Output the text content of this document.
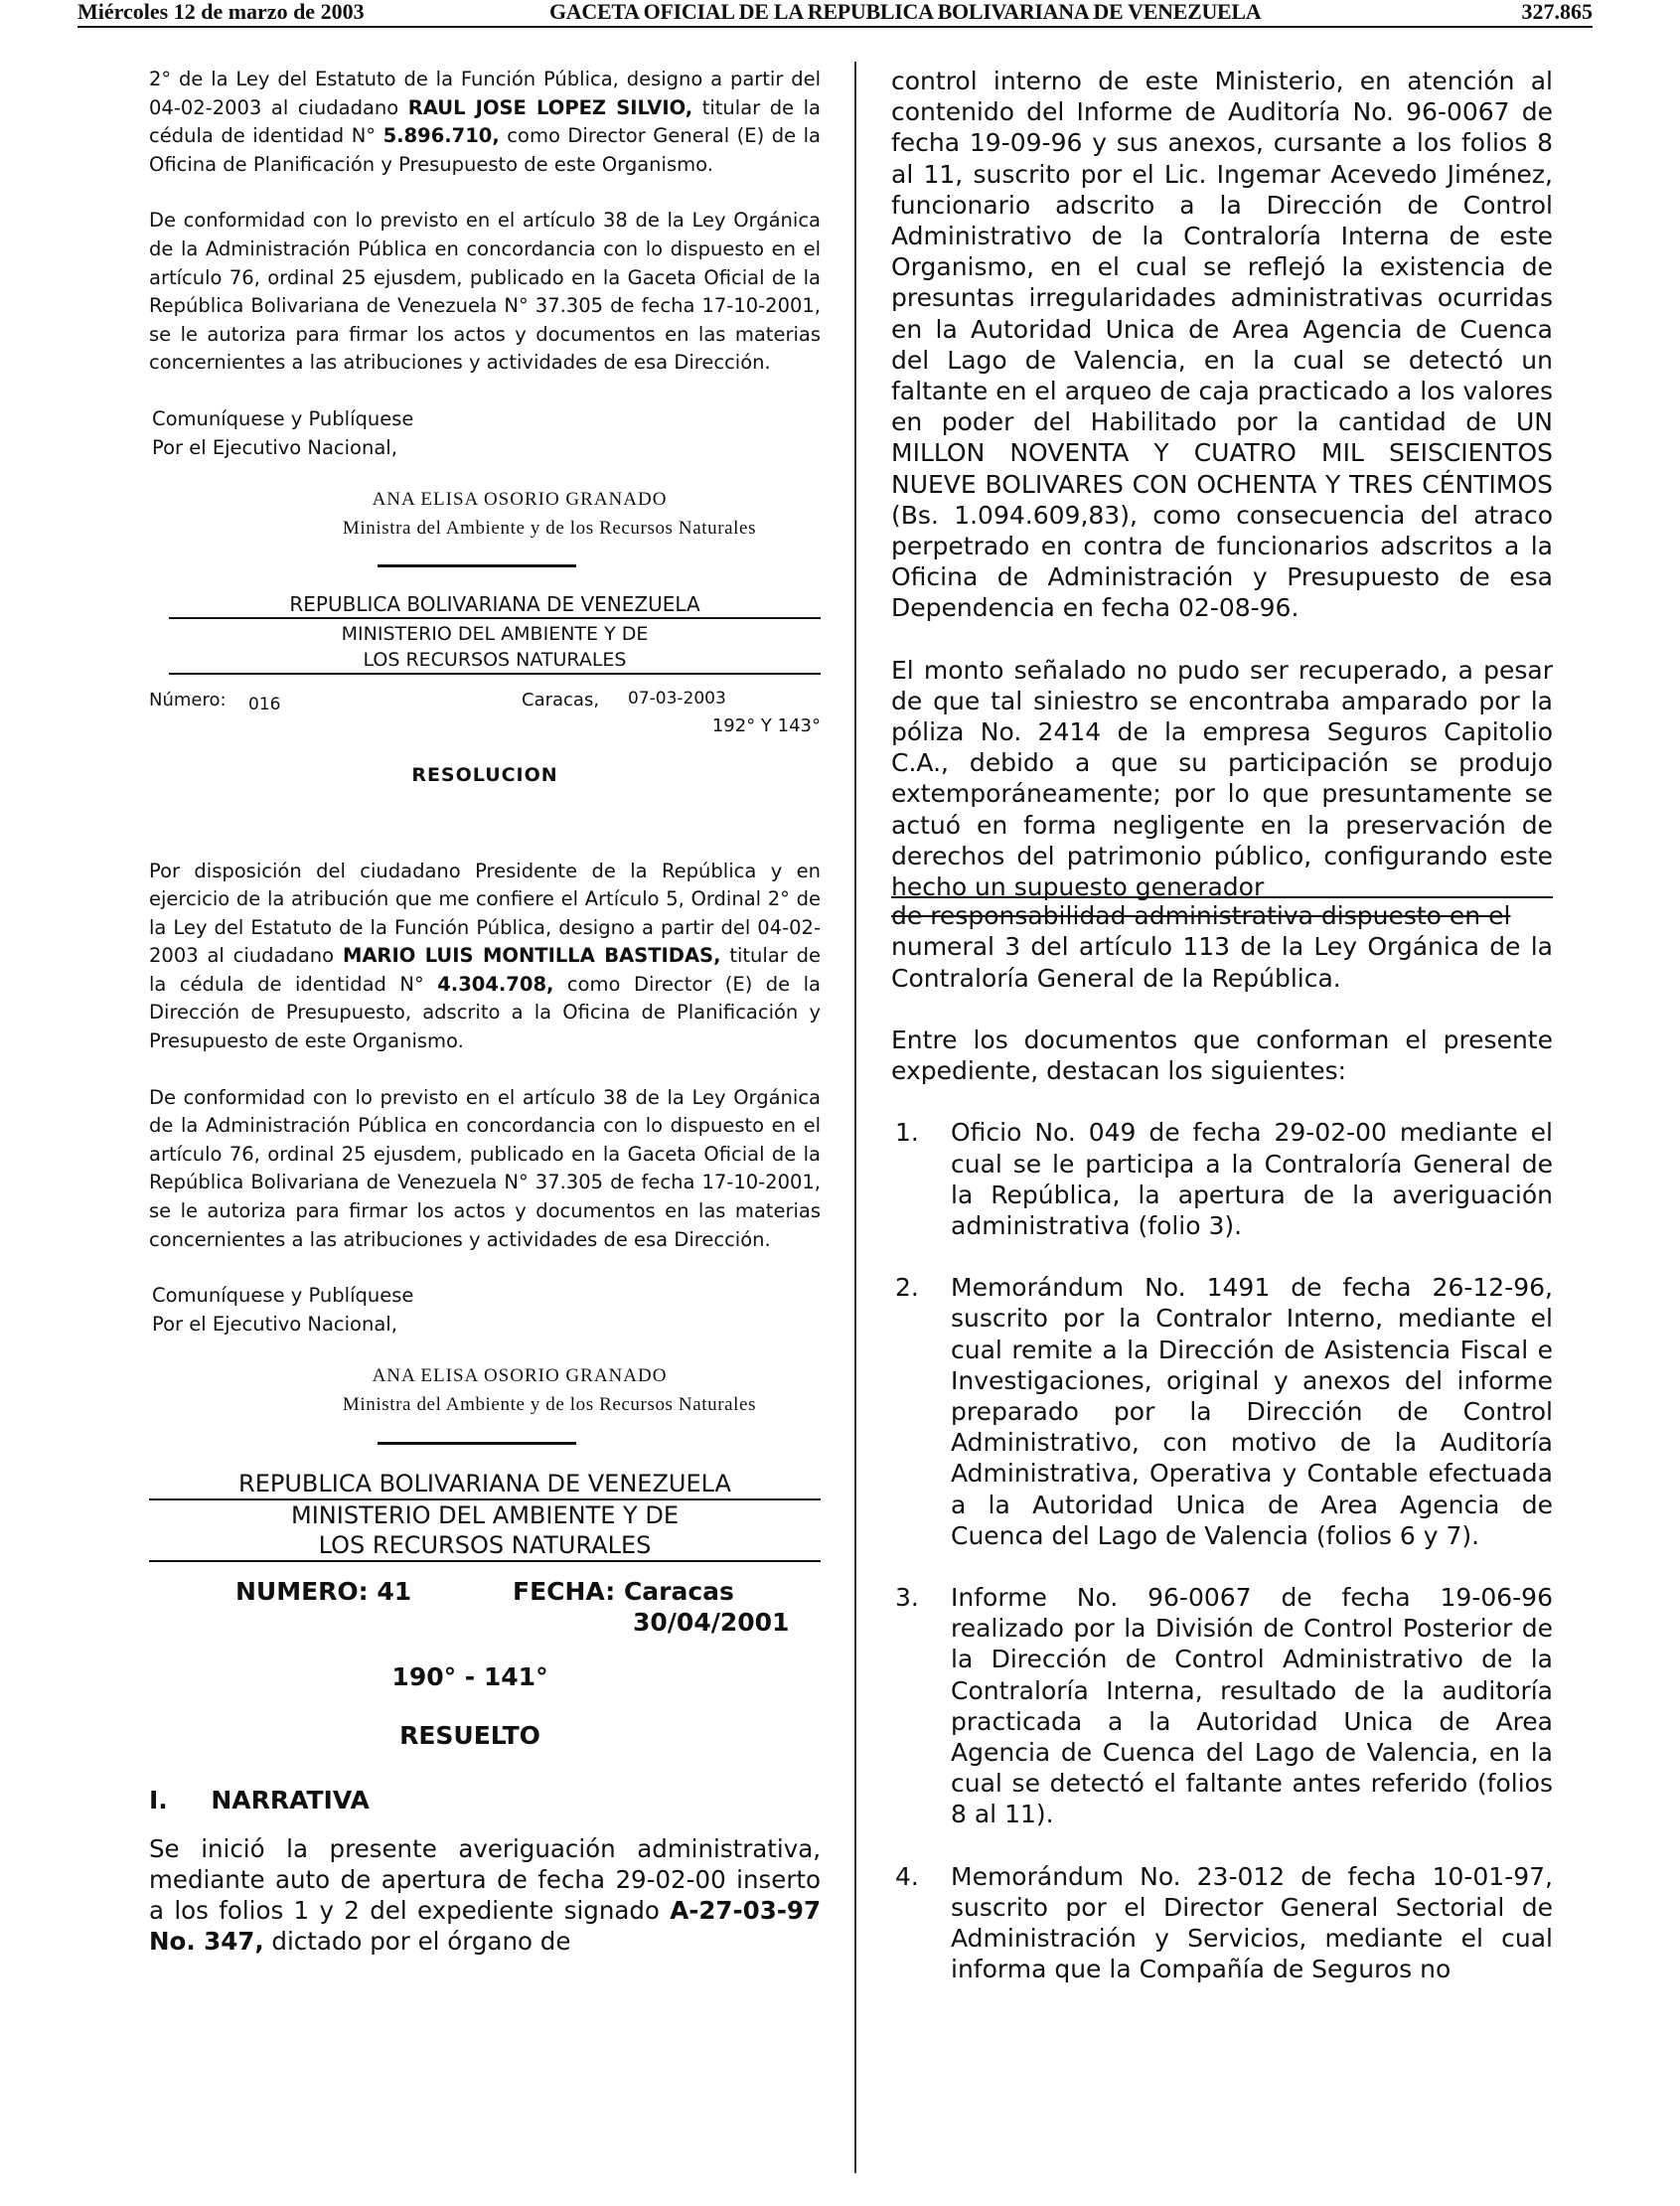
Miércoles 12 de marzo de 2003	GACETA OFICIAL DE LA REPUBLICA BOLIVARIANA DE VENEZUELA	327.865

2° de la Ley del Estatuto de la Función Pública, designo a partir del 04-02-2003 al ciudadano RAUL JOSE LOPEZ SILVIO, titular de la cédula de identidad N° 5.896.710, como Director General (E) de la Oficina de Planificación y Presupuesto de este Organismo.

De conformidad con lo previsto en el artículo 38 de la Ley Orgánica de la Administración Pública en concordancia con lo dispuesto en el artículo 76, ordinal 25 ejusdem, publicado en la Gaceta Oficial de la República Bolivariana de Venezuela N° 37.305 de fecha 17-10-2001, se le autoriza para firmar los actos y documentos en las materias concernientes a las atribuciones y actividades de esa Dirección.

Comuníquese y Publíquese

Por el Ejecutivo Nacional,

ANA ELISA OSORIO GRANADO
Ministra del Ambiente y de los Recursos Naturales
REPUBLICA BOLIVARIANA DE VENEZUELA
MINISTERIO DEL AMBIENTE Y DE
LOS RECURSOS NATURALES
Número: 016	Caracas, 07-03-2003
192° Y 143°
RESOLUCION

Por disposición del ciudadano Presidente de la República y en ejercicio de la atribución que me confiere el Artículo 5, Ordinal 2° de la Ley del Estatuto de la Función Pública, designo a partir del 04-02-2003 al ciudadano MARIO LUIS MONTILLA BASTIDAS, titular de la cédula de identidad N° 4.304.708, como Director (E) de la Dirección de Presupuesto, adscrito a la Oficina de Planificación y Presupuesto de este Organismo.

De conformidad con lo previsto en el artículo 38 de la Ley Orgánica de la Administración Pública en concordancia con lo dispuesto en el artículo 76, ordinal 25 ejusdem, publicado en la Gaceta Oficial de la República Bolivariana de Venezuela N° 37.305 de fecha 17-10-2001, se le autoriza para firmar los actos y documentos en las materias concernientes a las atribuciones y actividades de esa Dirección.

Comuníquese y Publíquese

Por el Ejecutivo Nacional,

ANA ELISA OSORIO GRANADO
Ministra del Ambiente y de los Recursos Naturales
REPUBLICA BOLIVARIANA DE VENEZUELA
MINISTERIO DEL AMBIENTE Y DE
LOS RECURSOS NATURALES
NUMERO: 41	FECHA: Caracas
30/04/2001
190° - 141°
RESUELTO
I.     NARRATIVA

Se inició la presente averiguación administrativa, mediante auto de apertura de fecha 29-02-00 inserto a los folios 1 y 2 del expediente signado A-27-03-97 No. 347, dictado por el órgano de

control interno de este Ministerio, en atención al contenido del Informe de Auditoría No. 96-0067 de fecha 19-09-96 y sus anexos, cursante a los folios 8 al 11, suscrito por el Lic. Ingemar Acevedo Jiménez, funcionario adscrito a la Dirección de Control Administrativo de la Contraloría Interna de este Organismo, en el cual se reflejó la existencia de presuntas irregularidades administrativas ocurridas en la Autoridad Unica de Area Agencia de Cuenca del Lago de Valencia, en la cual se detectó un faltante en el arqueo de caja practicado a los valores en poder del Habilitado por la cantidad de UN MILLON NOVENTA Y CUATRO MIL SEISCIENTOS NUEVE BOLIVARES CON OCHENTA Y TRES CÉNTIMOS (Bs. 1.094.609,83), como consecuencia del atraco perpetrado en contra de funcionarios adscritos a la Oficina de Administración y Presupuesto de esa Dependencia en fecha 02-08-96.

El monto señalado no pudo ser recuperado, a pesar de que tal siniestro se encontraba amparado por la póliza No. 2414 de la empresa Seguros Capitolio C.A., debido a que su participación se produjo extemporáneamente; por lo que presuntamente se actuó en forma negligente en la preservación de derechos del patrimonio público, configurando este hecho un supuesto generador

de responsabilidad administrativa dispuesto en el

numeral 3 del artículo 113 de la Ley Orgánica de la Contraloría General de la República.

Entre los documentos que conforman el presente expediente, destacan los siguientes:

1. Oficio No. 049 de fecha 29-02-00 mediante el cual se le participa a la Contraloría General de la República, la apertura de la averiguación administrativa (folio 3).
2. Memorándum No. 1491 de fecha 26-12-96, suscrito por la Contralor Interno, mediante el cual remite a la Dirección de Asistencia Fiscal e Investigaciones, original y anexos del informe preparado por la Dirección de Control Administrativo, con motivo de la Auditoría Administrativa, Operativa y Contable efectuada a la Autoridad Unica de Area Agencia de Cuenca del Lago de Valencia (folios 6 y 7).
3. Informe No. 96-0067 de fecha 19-06-96 realizado por la División de Control Posterior de la Dirección de Control Administrativo de la Contraloría Interna, resultado de la auditoría practicada a la Autoridad Unica de Area Agencia de Cuenca del Lago de Valencia, en la cual se detectó el faltante antes referido (folios 8 al 11).
4. Memorándum No. 23-012 de fecha 10-01-97, suscrito por el Director General Sectorial de Administración y Servicios, mediante el cual informa que la Compañía de Seguros no
